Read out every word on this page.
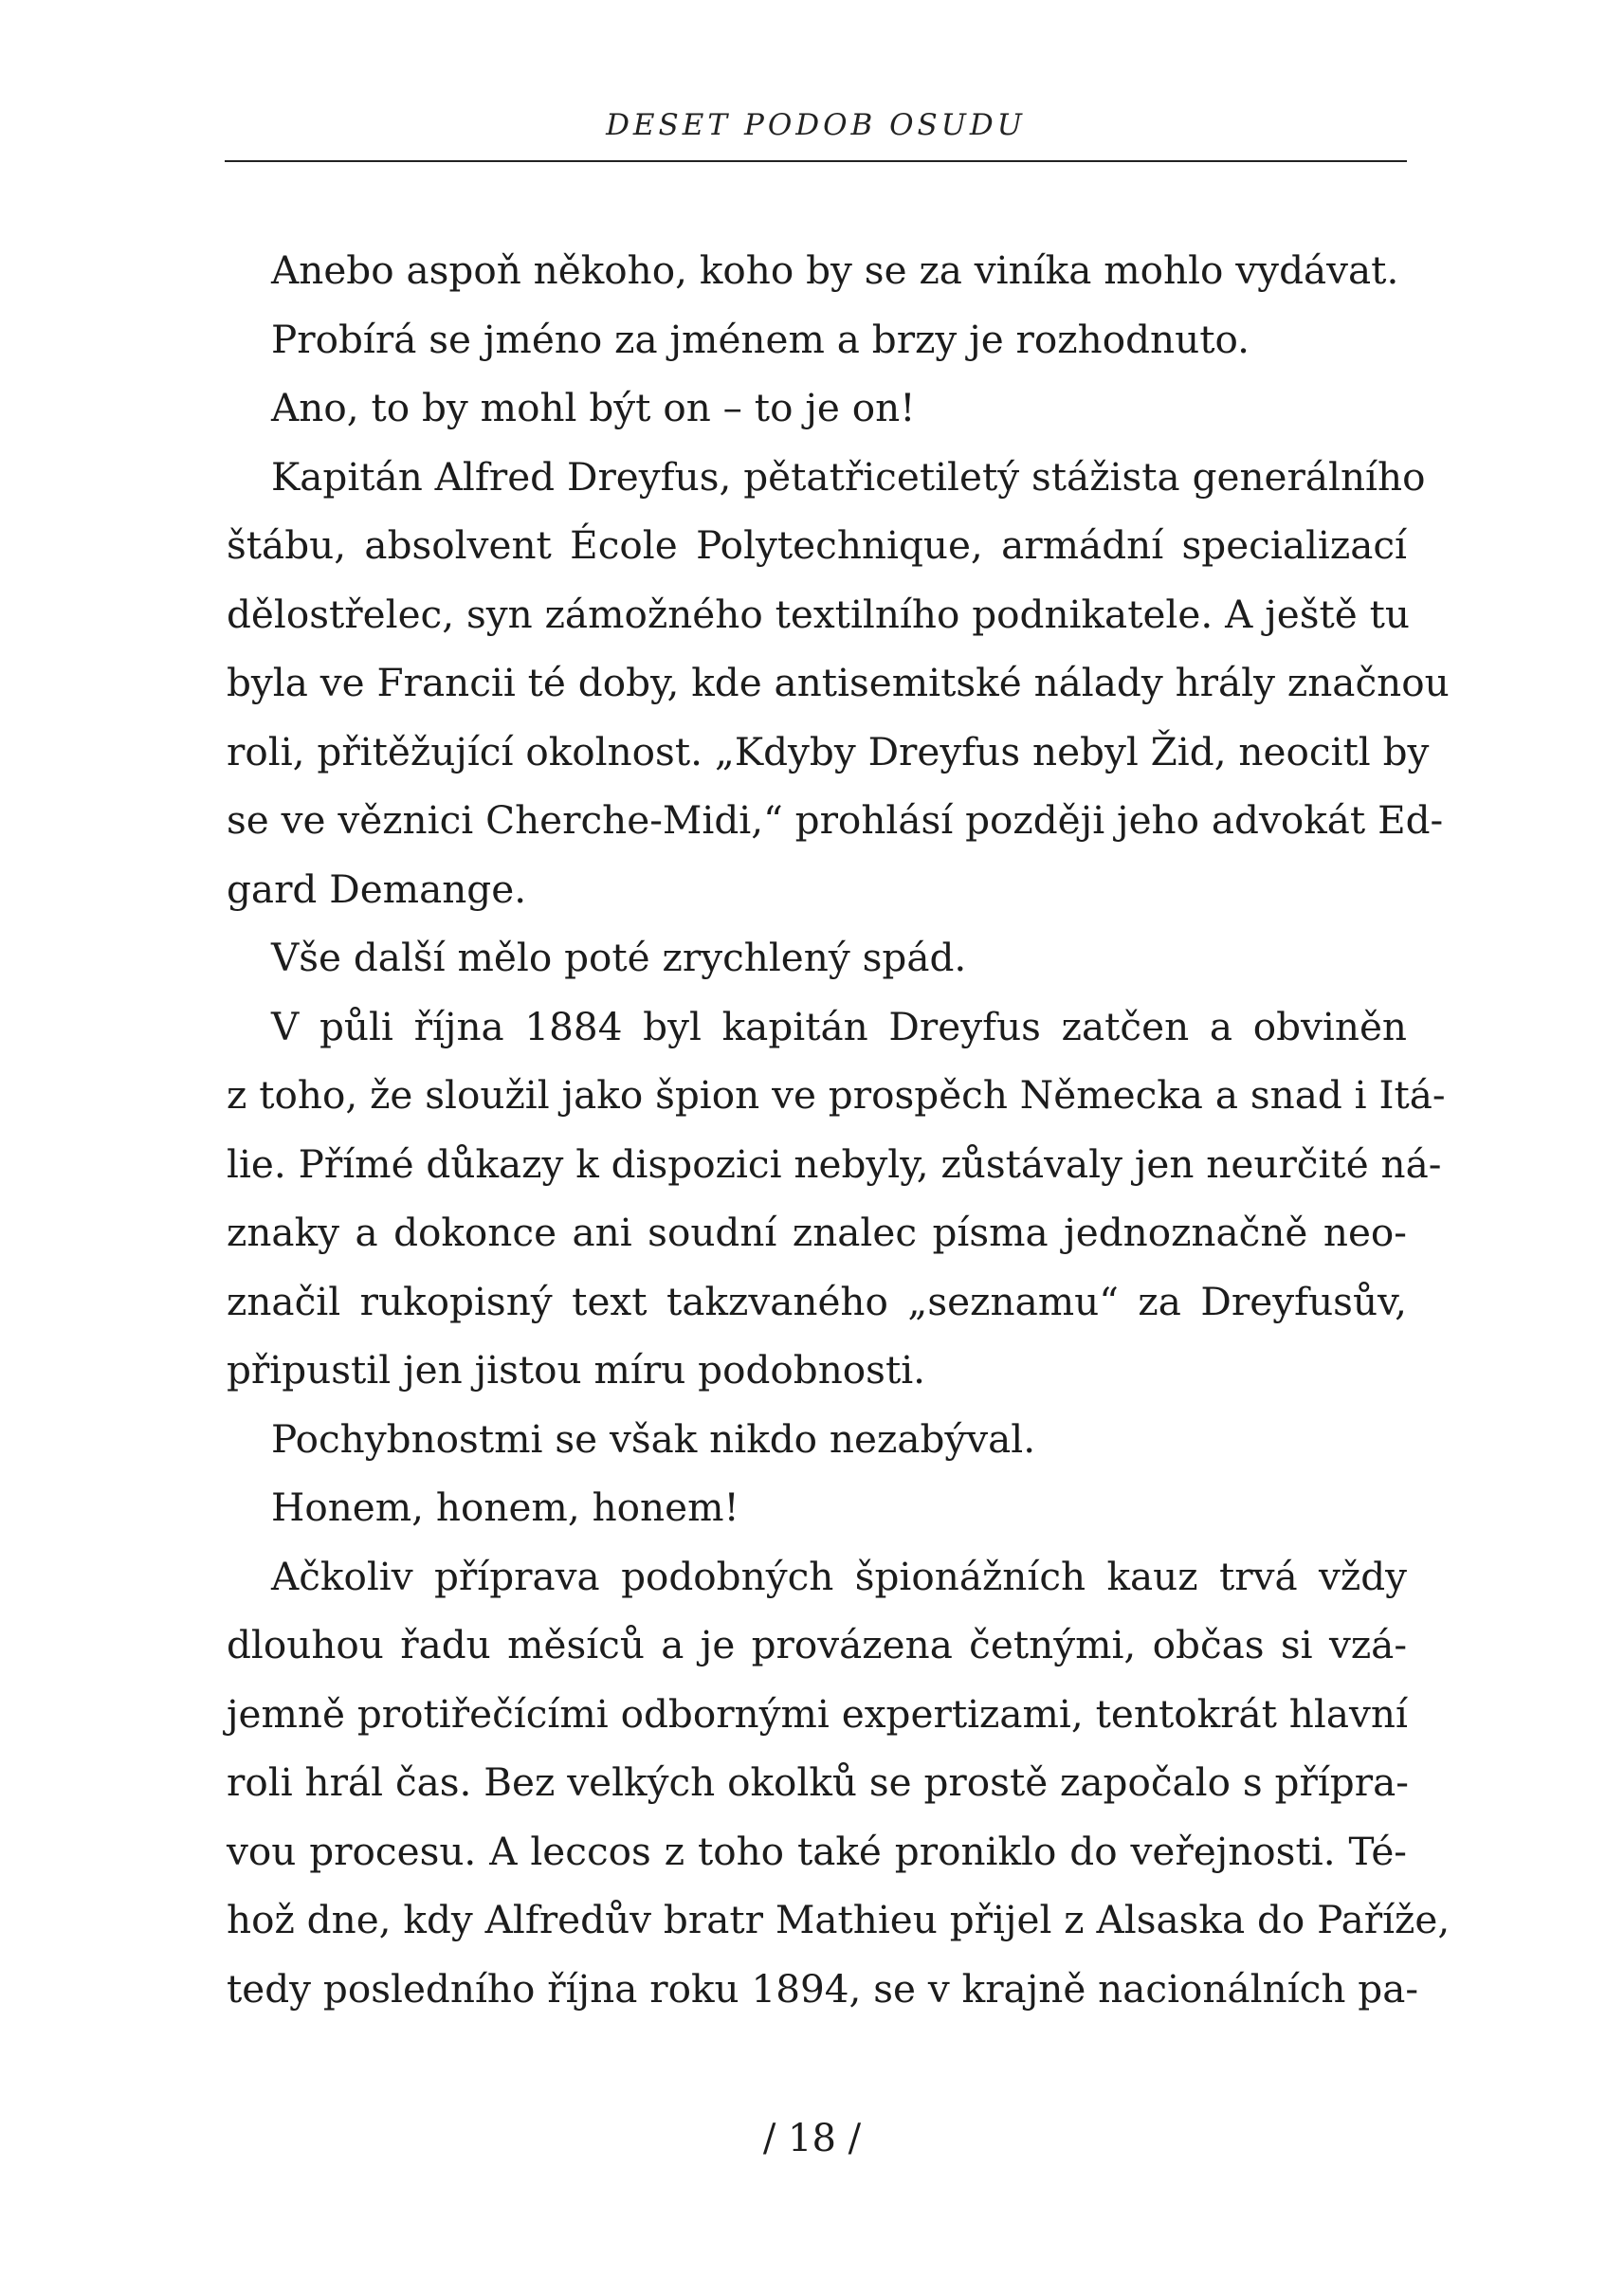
DESET PODOB OSUDU
Anebo aspoň někoho, koho by se za viníka mohlo vydávat.
Probírá se jméno za jménem a brzy je rozhodnuto.
Ano, to by mohl být on – to je on!
Kapitán Alfred Dreyfus, pětatřicetiletý stážista generálního
štábu, absolvent École Polytechnique, armádní specializací
dělostřelec, syn zámožného textilního podnikatele. A ještě tu
byla ve Francii té doby, kde antisemitské nálady hrály značnou
roli, přitěžující okolnost. „Kdyby Dreyfus nebyl Žid, neocitl by
se ve věznici Cherche-Midi,“ prohlásí později jeho advokát Ed-
gard Demange.
Vše další mělo poté zrychlený spád.
V půli října 1884 byl kapitán Dreyfus zatčen a obviněn
z toho, že sloužil jako špion ve prospěch Německa a snad i Itá-
lie. Přímé důkazy k dispozici nebyly, zůstávaly jen neurčité ná-
znaky a dokonce ani soudní znalec písma jednoznačně neo-
značil rukopisný text takzvaného „seznamu“ za Dreyfusův,
připustil jen jistou míru podobnosti.
Pochybnostmi se však nikdo nezabýval.
Honem, honem, honem!
Ačkoliv příprava podobných špionážních kauz trvá vždy
dlouhou řadu měsíců a je provázena četnými, občas si vzá-
jemně protiřečícími odbornými expertizami, tentokrát hlavní
roli hrál čas. Bez velkých okolků se prostě započalo s přípra-
vou procesu. A leccos z toho také proniklo do veřejnosti. Té-
hož dne, kdy Alfredův bratr Mathieu přijel z Alsaska do Paříže,
tedy posledního října roku 1894, se v krajně nacionálních pa-
/ 18 /
